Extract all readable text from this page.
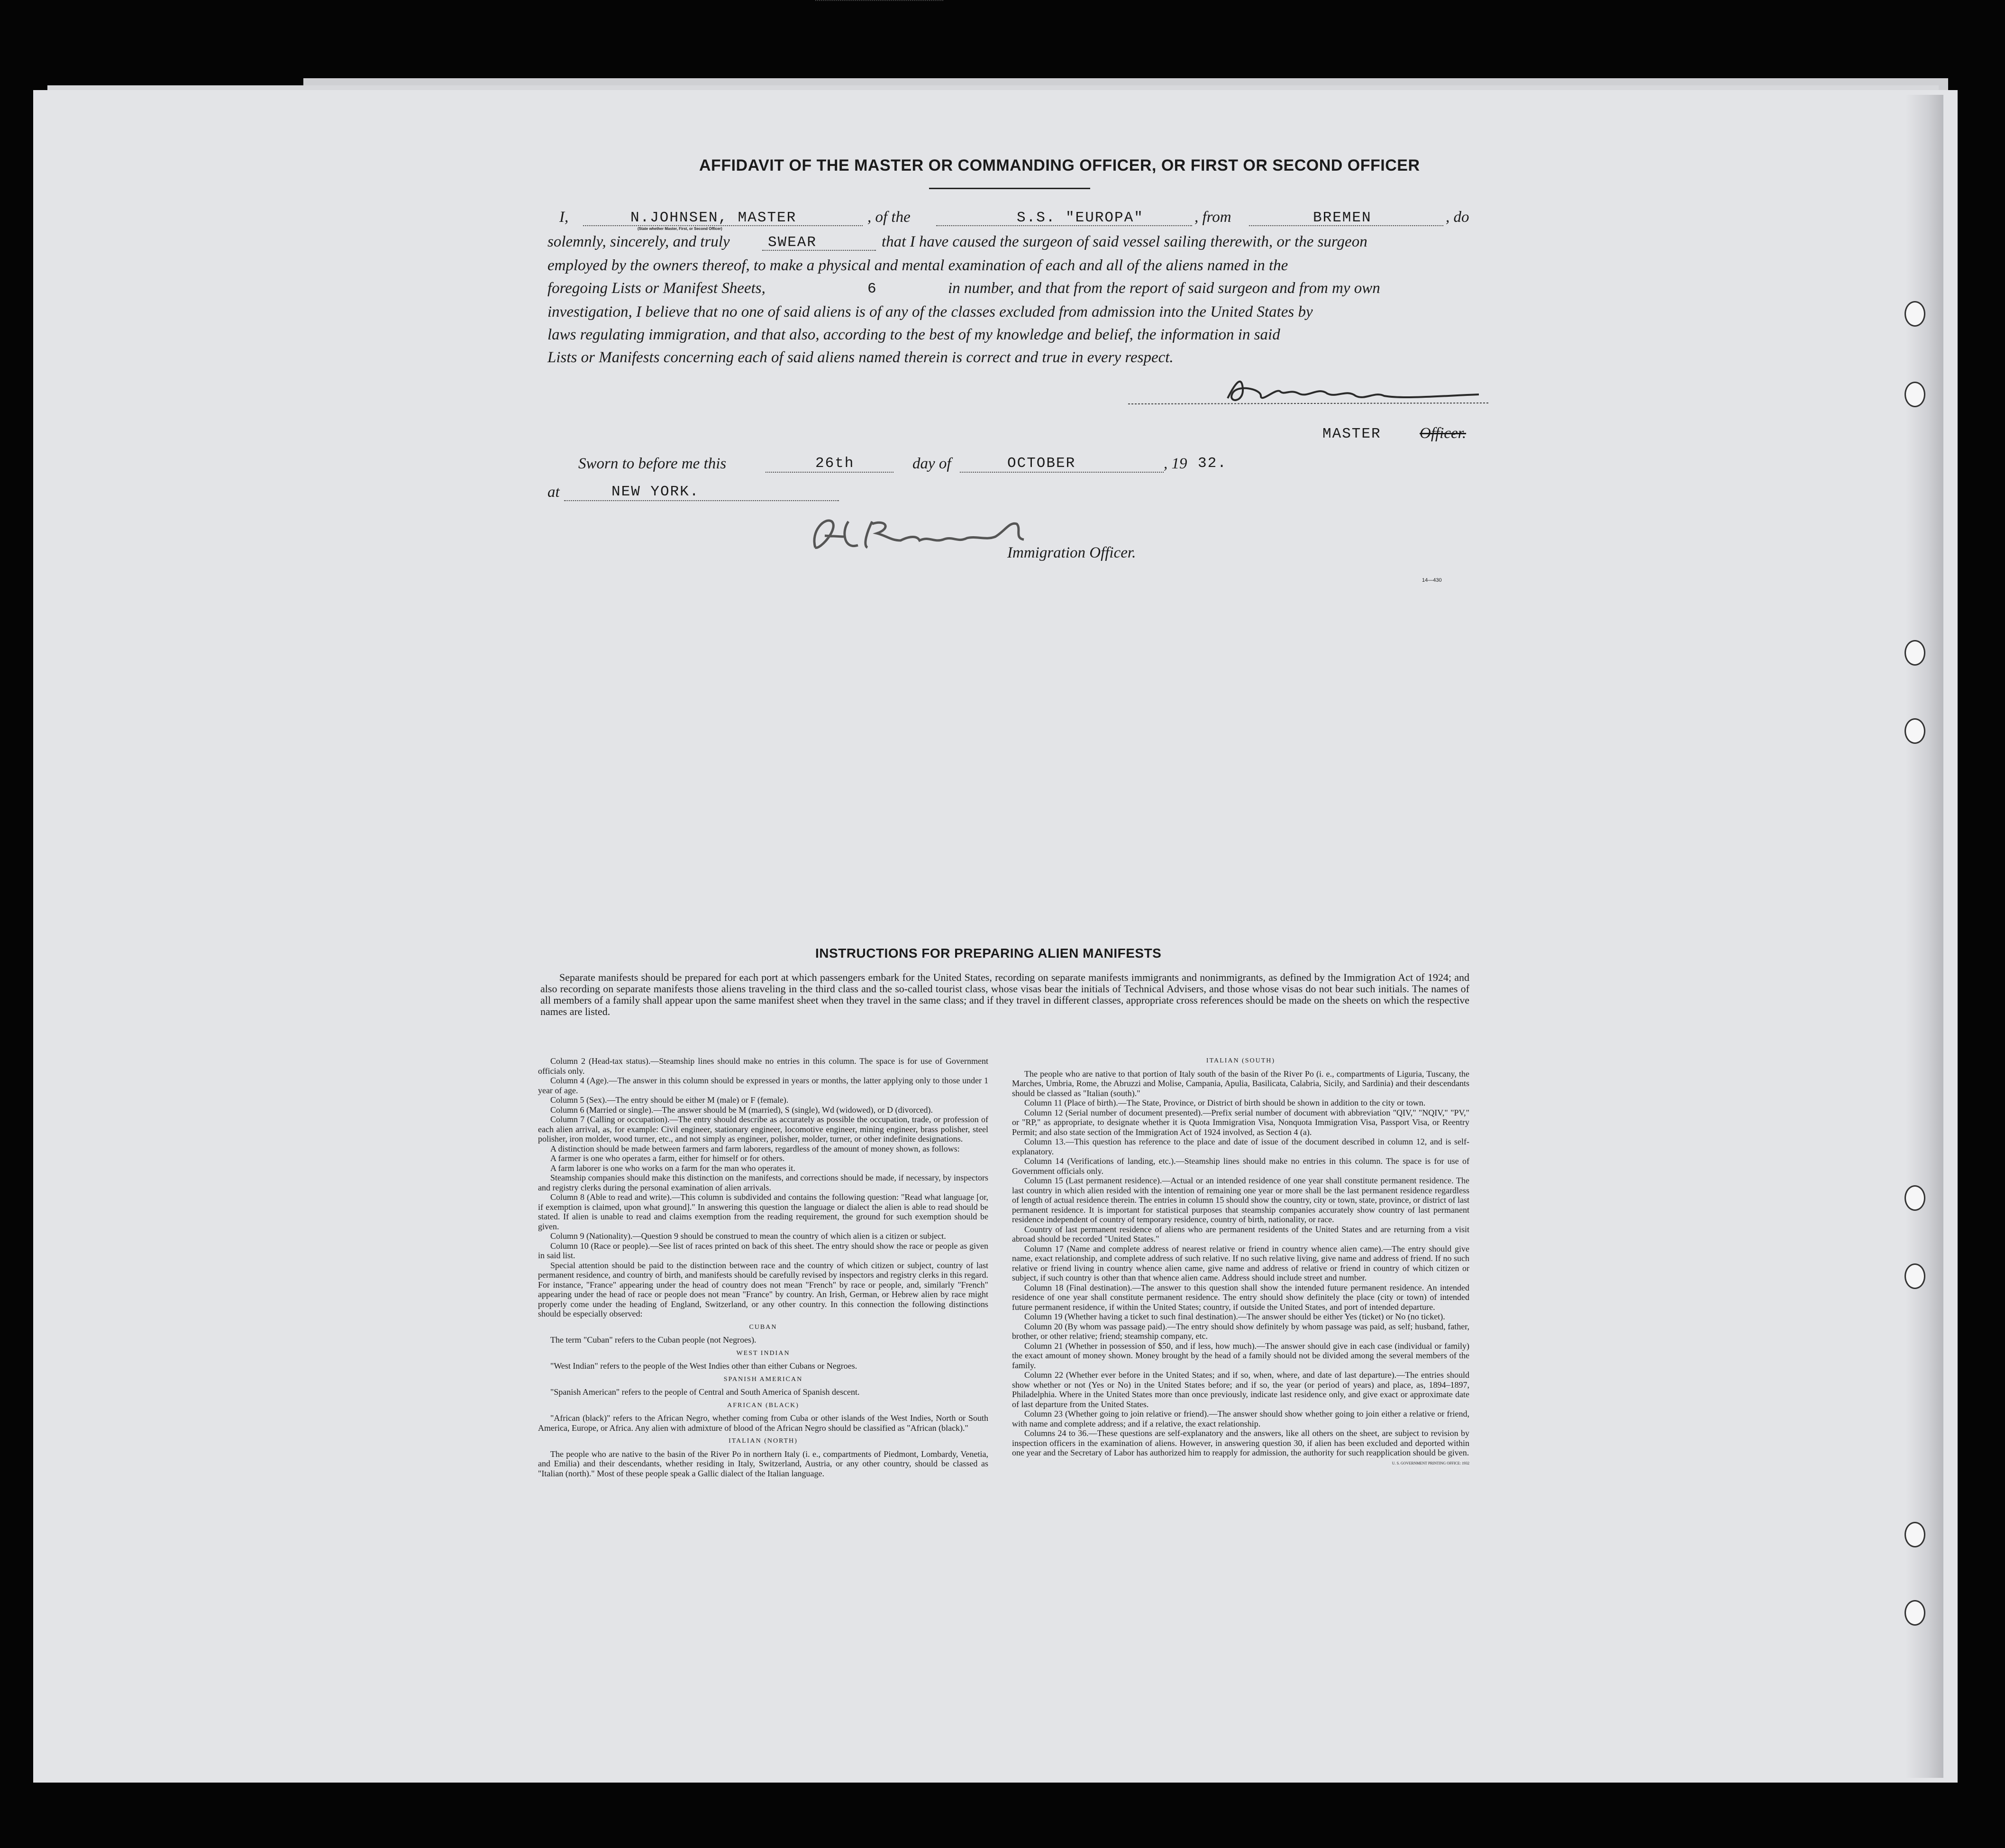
AFFIDAVIT OF THE MASTER OR COMMANDING OFFICER, OR FIRST OR SECOND OFFICER
I,	N.JOHNSEN, MASTER
(State whether Master, First, or Second Officer)
, of the	S.S. "EUROPA"	, from	BREMEN	, do
solemnly, sincerely, and truly	SWEAR	that I have caused the surgeon of said vessel sailing therewith, or the surgeon
employed by the owners thereof, to make a physical and mental examination of each and all of the aliens named in the
foregoing Lists or Manifest Sheets,	6	in number, and that from the report of said surgeon and from my own
investigation, I believe that no one of said aliens is of any of the classes excluded from admission into the United States by
laws regulating immigration, and that also, according to the best of my knowledge and belief, the information in said
Lists or Manifests concerning each of said aliens named therein is correct and true in every respect.
MASTER Officer.
Sworn to before me this	26th	day of	OCTOBER	, 19 32.
at	NEW YORK.
Immigration Officer.
14—430
INSTRUCTIONS FOR PREPARING ALIEN MANIFESTS

Separate manifests should be prepared for each port at which passengers embark for the United States, recording on separate manifests immigrants and nonimmigrants, as defined by the Immigration Act of 1924; and also recording on separate manifests those aliens traveling in the third class and the so-called tourist class, whose visas bear the initials of Technical Advisers, and those whose visas do not bear such initials. The names of all members of a family shall appear upon the same manifest sheet when they travel in the same class; and if they travel in different classes, appropriate cross references should be made on the sheets on which the respective names are listed.

Column 2 (Head-tax status).—Steamship lines should make no entries in this column. The space is for use of Government officials only.

Column 4 (Age).—The answer in this column should be expressed in years or months, the latter applying only to those under 1 year of age.

Column 5 (Sex).—The entry should be either M (male) or F (female).

Column 6 (Married or single).—The answer should be M (married), S (single), Wd (widowed), or D (divorced).

Column 7 (Calling or occupation).—The entry should describe as accurately as possible the occupation, trade, or profession of each alien arrival, as, for example: Civil engineer, stationary engineer, locomotive engineer, mining engineer, brass polisher, steel polisher, iron molder, wood turner, etc., and not simply as engineer, polisher, molder, turner, or other indefinite designations.

A distinction should be made between farmers and farm laborers, regardless of the amount of money shown, as follows:

A farmer is one who operates a farm, either for himself or for others.

A farm laborer is one who works on a farm for the man who operates it.

Steamship companies should make this distinction on the manifests, and corrections should be made, if necessary, by inspectors and registry clerks during the personal examination of alien arrivals.

Column 8 (Able to read and write).—This column is subdivided and contains the following question: "Read what language [or, if exemption is claimed, upon what ground]." In answering this question the language or dialect the alien is able to read should be stated. If alien is unable to read and claims exemption from the reading requirement, the ground for such exemption should be given.

Column 9 (Nationality).—Question 9 should be construed to mean the country of which alien is a citizen or subject.

Column 10 (Race or people).—See list of races printed on back of this sheet. The entry should show the race or people as given in said list.

Special attention should be paid to the distinction between race and the country of which citizen or subject, country of last permanent residence, and country of birth, and manifests should be carefully revised by inspectors and registry clerks in this regard. For instance, "France" appearing under the head of country does not mean "French" by race or people, and, similarly "French" appearing under the head of race or people does not mean "France" by country. An Irish, German, or Hebrew alien by race might properly come under the heading of England, Switzerland, or any other country. In this connection the following distinctions should be especially observed:

CUBAN

The term "Cuban" refers to the Cuban people (not Negroes).

WEST INDIAN

"West Indian" refers to the people of the West Indies other than either Cubans or Negroes.

SPANISH AMERICAN

"Spanish American" refers to the people of Central and South America of Spanish descent.

AFRICAN (BLACK)

"African (black)" refers to the African Negro, whether coming from Cuba or other islands of the West Indies, North or South America, Europe, or Africa. Any alien with admixture of blood of the African Negro should be classified as "African (black)."

ITALIAN (NORTH)

The people who are native to the basin of the River Po in northern Italy (i. e., compartments of Piedmont, Lombardy, Venetia, and Emilia) and their descendants, whether residing in Italy, Switzerland, Austria, or any other country, should be classed as "Italian (north)." Most of these people speak a Gallic dialect of the Italian language.

ITALIAN (SOUTH)

The people who are native to that portion of Italy south of the basin of the River Po (i. e., compartments of Liguria, Tuscany, the Marches, Umbria, Rome, the Abruzzi and Molise, Campania, Apulia, Basilicata, Calabria, Sicily, and Sardinia) and their descendants should be classed as "Italian (south)."

Column 11 (Place of birth).—The State, Province, or District of birth should be shown in addition to the city or town.

Column 12 (Serial number of document presented).—Prefix serial number of document with abbreviation "QIV," "NQIV," "PV," or "RP," as appropriate, to designate whether it is Quota Immigration Visa, Nonquota Immigration Visa, Passport Visa, or Reentry Permit; and also state section of the Immigration Act of 1924 involved, as Section 4 (a).

Column 13.—This question has reference to the place and date of issue of the document described in column 12, and is self-explanatory.

Column 14 (Verifications of landing, etc.).—Steamship lines should make no entries in this column. The space is for use of Government officials only.

Column 15 (Last permanent residence).—Actual or an intended residence of one year shall constitute permanent residence. The last country in which alien resided with the intention of remaining one year or more shall be the last permanent residence regardless of length of actual residence therein. The entries in column 15 should show the country, city or town, state, province, or district of last permanent residence. It is important for statistical purposes that steamship companies accurately show country of last permanent residence independent of country of temporary residence, country of birth, nationality, or race.

Country of last permanent residence of aliens who are permanent residents of the United States and are returning from a visit abroad should be recorded "United States."

Column 17 (Name and complete address of nearest relative or friend in country whence alien came).—The entry should give name, exact relationship, and complete address of such relative. If no such relative living, give name and address of friend. If no such relative or friend living in country whence alien came, give name and address of relative or friend in country of which citizen or subject, if such country is other than that whence alien came. Address should include street and number.

Column 18 (Final destination).—The answer to this question shall show the intended future permanent residence. An intended residence of one year shall constitute permanent residence. The entry should show definitely the place (city or town) of intended future permanent residence, if within the United States; country, if outside the United States, and port of intended departure.

Column 19 (Whether having a ticket to such final destination).—The answer should be either Yes (ticket) or No (no ticket).

Column 20 (By whom was passage paid).—The entry should show definitely by whom passage was paid, as self; husband, father, brother, or other relative; friend; steamship company, etc.

Column 21 (Whether in possession of $50, and if less, how much).—The answer should give in each case (individual or family) the exact amount of money shown. Money brought by the head of a family should not be divided among the several members of the family.

Column 22 (Whether ever before in the United States; and if so, when, where, and date of last departure).—The entries should show whether or not (Yes or No) in the United States before; and if so, the year (or period of years) and place, as, 1894–1897, Philadelphia. Where in the United States more than once previously, indicate last residence only, and give exact or approximate date of last departure from the United States.

Column 23 (Whether going to join relative or friend).—The answer should show whether going to join either a relative or friend, with name and complete address; and if a relative, the exact relationship.

Columns 24 to 36.—These questions are self-explanatory and the answers, like all others on the sheet, are subject to revision by inspection officers in the examination of aliens. However, in answering question 30, if alien has been excluded and deported within one year and the Secretary of Labor has authorized him to reapply for admission, the authority for such reapplication should be given.

U. S. GOVERNMENT PRINTING OFFICE: 1932
